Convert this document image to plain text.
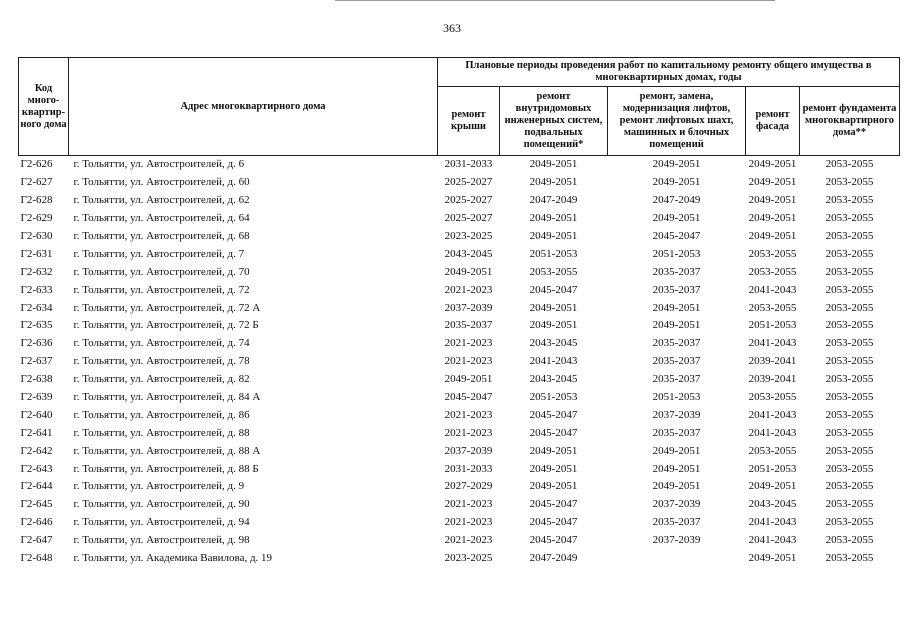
363
Код много-квартир-ного дома	Адрес многоквартирного дома	Плановые периоды проведения работ по капитальному ремонту общего имущества в многоквартирных домах, годы				
		ремонт крыши	ремонт внутридомовых инженерных систем, подвальных помещений*	ремонт, замена, модернизация лифтов, ремонт лифтовых шахт, машинных и блочных помещений	ремонт фасада	ремонт фундамента многоквартирного дома**
Г2-626	г. Тольятти, ул. Автостроителей, д. 6	2031-2033	2049-2051	2049-2051	2049-2051	2053-2055
Г2-627	г. Тольятти, ул. Автостроителей, д. 60	2025-2027	2049-2051	2049-2051	2049-2051	2053-2055
Г2-628	г. Тольятти, ул. Автостроителей, д. 62	2025-2027	2047-2049	2047-2049	2049-2051	2053-2055
Г2-629	г. Тольятти, ул. Автостроителей, д. 64	2025-2027	2049-2051	2049-2051	2049-2051	2053-2055
Г2-630	г. Тольятти, ул. Автостроителей, д. 68	2023-2025	2049-2051	2045-2047	2049-2051	2053-2055
Г2-631	г. Тольятти, ул. Автостроителей, д. 7	2043-2045	2051-2053	2051-2053	2053-2055	2053-2055
Г2-632	г. Тольятти, ул. Автостроителей, д. 70	2049-2051	2053-2055	2035-2037	2053-2055	2053-2055
Г2-633	г. Тольятти, ул. Автостроителей, д. 72	2021-2023	2045-2047	2035-2037	2041-2043	2053-2055
Г2-634	г. Тольятти, ул. Автостроителей, д. 72 А	2037-2039	2049-2051	2049-2051	2053-2055	2053-2055
Г2-635	г. Тольятти, ул. Автостроителей, д. 72 Б	2035-2037	2049-2051	2049-2051	2051-2053	2053-2055
Г2-636	г. Тольятти, ул. Автостроителей, д. 74	2021-2023	2043-2045	2035-2037	2041-2043	2053-2055
Г2-637	г. Тольятти, ул. Автостроителей, д. 78	2021-2023	2041-2043	2035-2037	2039-2041	2053-2055
Г2-638	г. Тольятти, ул. Автостроителей, д. 82	2049-2051	2043-2045	2035-2037	2039-2041	2053-2055
Г2-639	г. Тольятти, ул. Автостроителей, д. 84 А	2045-2047	2051-2053	2051-2053	2053-2055	2053-2055
Г2-640	г. Тольятти, ул. Автостроителей, д. 86	2021-2023	2045-2047	2037-2039	2041-2043	2053-2055
Г2-641	г. Тольятти, ул. Автостроителей, д. 88	2021-2023	2045-2047	2035-2037	2041-2043	2053-2055
Г2-642	г. Тольятти, ул. Автостроителей, д. 88 А	2037-2039	2049-2051	2049-2051	2053-2055	2053-2055
Г2-643	г. Тольятти, ул. Автостроителей, д. 88 Б	2031-2033	2049-2051	2049-2051	2051-2053	2053-2055
Г2-644	г. Тольятти, ул. Автостроителей, д. 9	2027-2029	2049-2051	2049-2051	2049-2051	2053-2055
Г2-645	г. Тольятти, ул. Автостроителей, д. 90	2021-2023	2045-2047	2037-2039	2043-2045	2053-2055
Г2-646	г. Тольятти, ул. Автостроителей, д. 94	2021-2023	2045-2047	2035-2037	2041-2043	2053-2055
Г2-647	г. Тольятти, ул. Автостроителей, д. 98	2021-2023	2045-2047	2037-2039	2041-2043	2053-2055
Г2-648	г. Тольятти, ул. Академика Вавилова, д. 19	2023-2025	2047-2049		2049-2051	2053-2055
